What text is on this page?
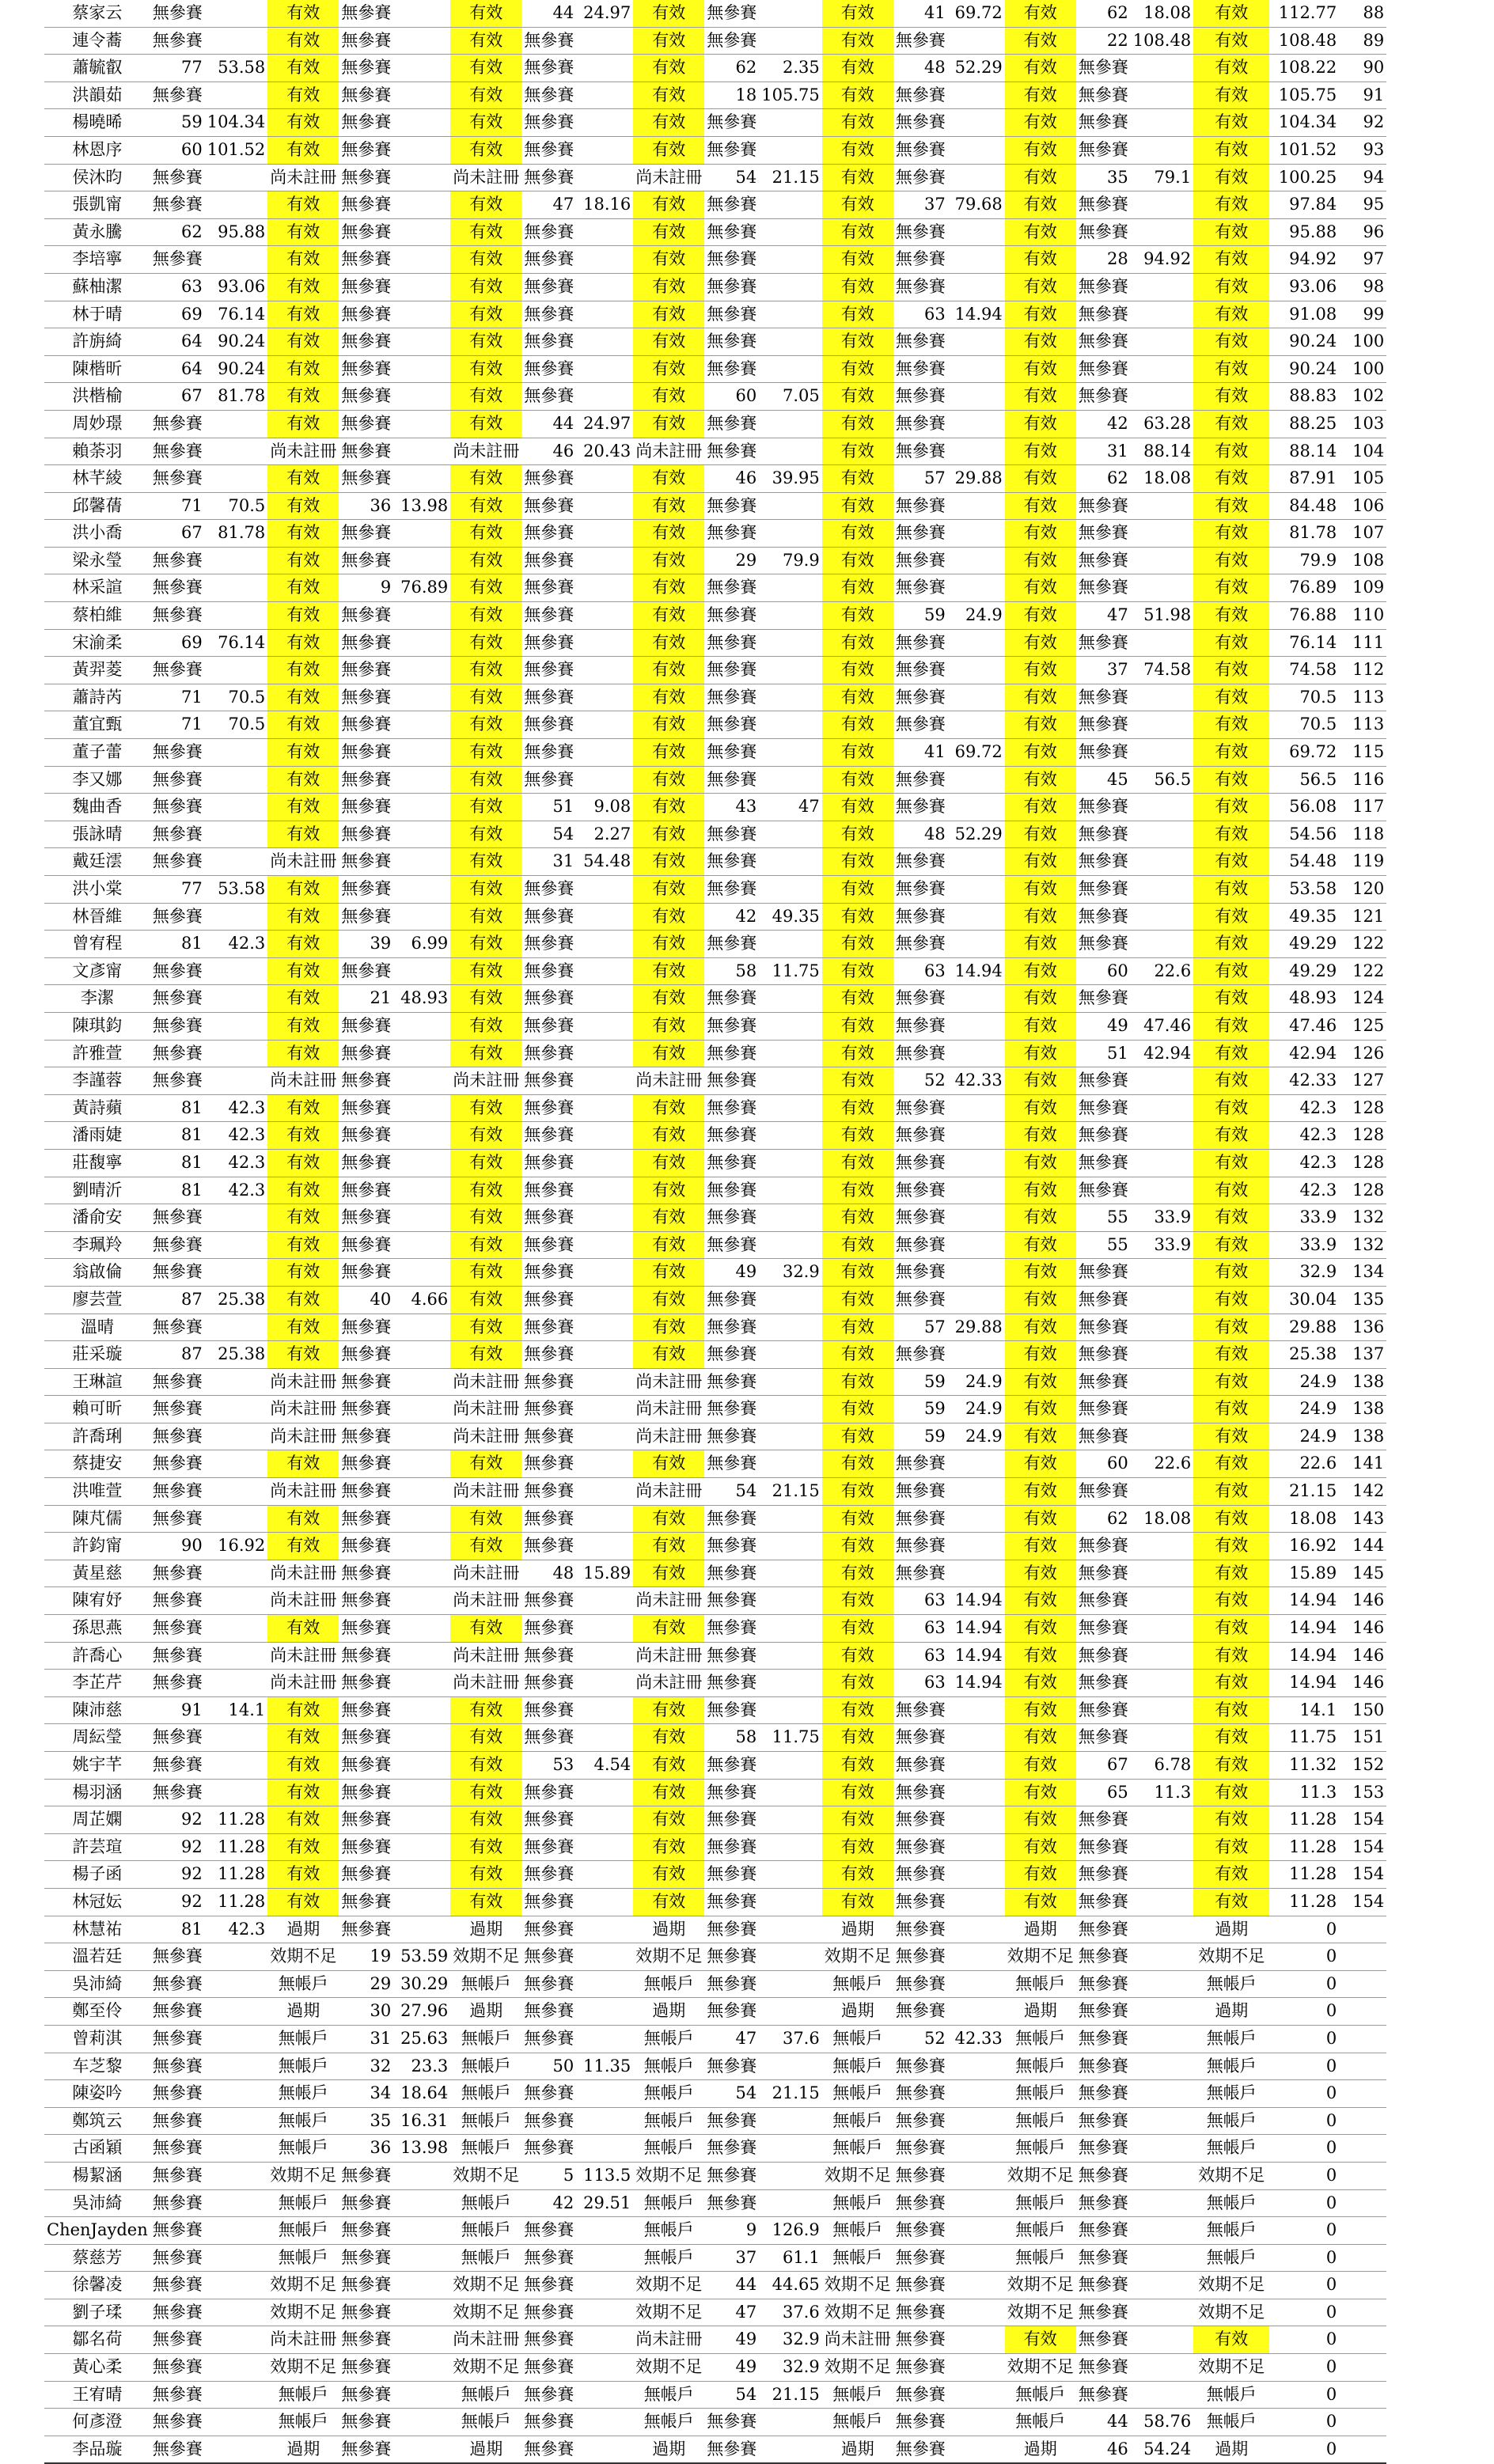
蔡家云	無參賽		有效	無參賽		有效	44	24.97	有效	無參賽		有效	41	69.72	有效	62	18.08	有效	112.77	88
連令蕎	無參賽		有效	無參賽		有效	無參賽		有效	無參賽		有效	無參賽		有效	22	108.48	有效	108.48	89
蕭毓叡	77	53.58	有效	無參賽		有效	無參賽		有效	62	2.35	有效	48	52.29	有效	無參賽		有效	108.22	90
洪韻茹	無參賽		有效	無參賽		有效	無參賽		有效	18	105.75	有效	無參賽		有效	無參賽		有效	105.75	91
楊曉晞	59	104.34	有效	無參賽		有效	無參賽		有效	無參賽		有效	無參賽		有效	無參賽		有效	104.34	92
林恩序	60	101.52	有效	無參賽		有效	無參賽		有效	無參賽		有效	無參賽		有效	無參賽		有效	101.52	93
侯沐昀	無參賽		尚未註冊	無參賽		尚未註冊	無參賽		尚未註冊	54	21.15	有效	無參賽		有效	35	79.1	有效	100.25	94
張凱甯	無參賽		有效	無參賽		有效	47	18.16	有效	無參賽		有效	37	79.68	有效	無參賽		有效	97.84	95
黃永騰	62	95.88	有效	無參賽		有效	無參賽		有效	無參賽		有效	無參賽		有效	無參賽		有效	95.88	96
李培寧	無參賽		有效	無參賽		有效	無參賽		有效	無參賽		有效	無參賽		有效	28	94.92	有效	94.92	97
蘇柚潔	63	93.06	有效	無參賽		有效	無參賽		有效	無參賽		有效	無參賽		有效	無參賽		有效	93.06	98
林于晴	69	76.14	有效	無參賽		有效	無參賽		有效	無參賽		有效	63	14.94	有效	無參賽		有效	91.08	99
許旃綺	64	90.24	有效	無參賽		有效	無參賽		有效	無參賽		有效	無參賽		有效	無參賽		有效	90.24	100
陳楷昕	64	90.24	有效	無參賽		有效	無參賽		有效	無參賽		有效	無參賽		有效	無參賽		有效	90.24	100
洪楷榆	67	81.78	有效	無參賽		有效	無參賽		有效	60	7.05	有效	無參賽		有效	無參賽		有效	88.83	102
周妙璟	無參賽		有效	無參賽		有效	44	24.97	有效	無參賽		有效	無參賽		有效	42	63.28	有效	88.25	103
賴荼羽	無參賽		尚未註冊	無參賽		尚未註冊	46	20.43	尚未註冊	無參賽		有效	無參賽		有效	31	88.14	有效	88.14	104
林芊綾	無參賽		有效	無參賽		有效	無參賽		有效	46	39.95	有效	57	29.88	有效	62	18.08	有效	87.91	105
邱馨蒨	71	70.5	有效	36	13.98	有效	無參賽		有效	無參賽		有效	無參賽		有效	無參賽		有效	84.48	106
洪小喬	67	81.78	有效	無參賽		有效	無參賽		有效	無參賽		有效	無參賽		有效	無參賽		有效	81.78	107
梁永瑩	無參賽		有效	無參賽		有效	無參賽		有效	29	79.9	有效	無參賽		有效	無參賽		有效	79.9	108
林采諠	無參賽		有效	9	76.89	有效	無參賽		有效	無參賽		有效	無參賽		有效	無參賽		有效	76.89	109
蔡柏維	無參賽		有效	無參賽		有效	無參賽		有效	無參賽		有效	59	24.9	有效	47	51.98	有效	76.88	110
宋渝柔	69	76.14	有效	無參賽		有效	無參賽		有效	無參賽		有效	無參賽		有效	無參賽		有效	76.14	111
黃羿菱	無參賽		有效	無參賽		有效	無參賽		有效	無參賽		有效	無參賽		有效	37	74.58	有效	74.58	112
蕭詩芮	71	70.5	有效	無參賽		有效	無參賽		有效	無參賽		有效	無參賽		有效	無參賽		有效	70.5	113
董宜甄	71	70.5	有效	無參賽		有效	無參賽		有效	無參賽		有效	無參賽		有效	無參賽		有效	70.5	113
董子蕾	無參賽		有效	無參賽		有效	無參賽		有效	無參賽		有效	41	69.72	有效	無參賽		有效	69.72	115
李又娜	無參賽		有效	無參賽		有效	無參賽		有效	無參賽		有效	無參賽		有效	45	56.5	有效	56.5	116
魏曲香	無參賽		有效	無參賽		有效	51	9.08	有效	43	47	有效	無參賽		有效	無參賽		有效	56.08	117
張詠晴	無參賽		有效	無參賽		有效	54	2.27	有效	無參賽		有效	48	52.29	有效	無參賽		有效	54.56	118
戴廷澐	無參賽		尚未註冊	無參賽		有效	31	54.48	有效	無參賽		有效	無參賽		有效	無參賽		有效	54.48	119
洪小棠	77	53.58	有效	無參賽		有效	無參賽		有效	無參賽		有效	無參賽		有效	無參賽		有效	53.58	120
林晉維	無參賽		有效	無參賽		有效	無參賽		有效	42	49.35	有效	無參賽		有效	無參賽		有效	49.35	121
曾宥程	81	42.3	有效	39	6.99	有效	無參賽		有效	無參賽		有效	無參賽		有效	無參賽		有效	49.29	122
文彥甯	無參賽		有效	無參賽		有效	無參賽		有效	58	11.75	有效	63	14.94	有效	60	22.6	有效	49.29	122
李潔	無參賽		有效	21	48.93	有效	無參賽		有效	無參賽		有效	無參賽		有效	無參賽		有效	48.93	124
陳琪鈞	無參賽		有效	無參賽		有效	無參賽		有效	無參賽		有效	無參賽		有效	49	47.46	有效	47.46	125
許雅萱	無參賽		有效	無參賽		有效	無參賽		有效	無參賽		有效	無參賽		有效	51	42.94	有效	42.94	126
李謹蓉	無參賽		尚未註冊	無參賽		尚未註冊	無參賽		尚未註冊	無參賽		有效	52	42.33	有效	無參賽		有效	42.33	127
黃詩蘋	81	42.3	有效	無參賽		有效	無參賽		有效	無參賽		有效	無參賽		有效	無參賽		有效	42.3	128
潘雨婕	81	42.3	有效	無參賽		有效	無參賽		有效	無參賽		有效	無參賽		有效	無參賽		有效	42.3	128
莊馥寧	81	42.3	有效	無參賽		有效	無參賽		有效	無參賽		有效	無參賽		有效	無參賽		有效	42.3	128
劉晴沂	81	42.3	有效	無參賽		有效	無參賽		有效	無參賽		有效	無參賽		有效	無參賽		有效	42.3	128
潘俞安	無參賽		有效	無參賽		有效	無參賽		有效	無參賽		有效	無參賽		有效	55	33.9	有效	33.9	132
李珮羚	無參賽		有效	無參賽		有效	無參賽		有效	無參賽		有效	無參賽		有效	55	33.9	有效	33.9	132
翁啟倫	無參賽		有效	無參賽		有效	無參賽		有效	49	32.9	有效	無參賽		有效	無參賽		有效	32.9	134
廖芸萱	87	25.38	有效	40	4.66	有效	無參賽		有效	無參賽		有效	無參賽		有效	無參賽		有效	30.04	135
溫晴	無參賽		有效	無參賽		有效	無參賽		有效	無參賽		有效	57	29.88	有效	無參賽		有效	29.88	136
莊采璇	87	25.38	有效	無參賽		有效	無參賽		有效	無參賽		有效	無參賽		有效	無參賽		有效	25.38	137
王琳諠	無參賽		尚未註冊	無參賽		尚未註冊	無參賽		尚未註冊	無參賽		有效	59	24.9	有效	無參賽		有效	24.9	138
賴可昕	無參賽		尚未註冊	無參賽		尚未註冊	無參賽		尚未註冊	無參賽		有效	59	24.9	有效	無參賽		有效	24.9	138
許喬琍	無參賽		尚未註冊	無參賽		尚未註冊	無參賽		尚未註冊	無參賽		有效	59	24.9	有效	無參賽		有效	24.9	138
蔡捷安	無參賽		有效	無參賽		有效	無參賽		有效	無參賽		有效	無參賽		有效	60	22.6	有效	22.6	141
洪唯萱	無參賽		尚未註冊	無參賽		尚未註冊	無參賽		尚未註冊	54	21.15	有效	無參賽		有效	無參賽		有效	21.15	142
陳芃儒	無參賽		有效	無參賽		有效	無參賽		有效	無參賽		有效	無參賽		有效	62	18.08	有效	18.08	143
許鈞甯	90	16.92	有效	無參賽		有效	無參賽		有效	無參賽		有效	無參賽		有效	無參賽		有效	16.92	144
黃星慈	無參賽		尚未註冊	無參賽		尚未註冊	48	15.89	有效	無參賽		有效	無參賽		有效	無參賽		有效	15.89	145
陳宥妤	無參賽		尚未註冊	無參賽		尚未註冊	無參賽		尚未註冊	無參賽		有效	63	14.94	有效	無參賽		有效	14.94	146
孫思燕	無參賽		有效	無參賽		有效	無參賽		有效	無參賽		有效	63	14.94	有效	無參賽		有效	14.94	146
許喬心	無參賽		尚未註冊	無參賽		尚未註冊	無參賽		尚未註冊	無參賽		有效	63	14.94	有效	無參賽		有效	14.94	146
李芷芹	無參賽		尚未註冊	無參賽		尚未註冊	無參賽		尚未註冊	無參賽		有效	63	14.94	有效	無參賽		有效	14.94	146
陳沛慈	91	14.1	有效	無參賽		有效	無參賽		有效	無參賽		有效	無參賽		有效	無參賽		有效	14.1	150
周紜瑩	無參賽		有效	無參賽		有效	無參賽		有效	58	11.75	有效	無參賽		有效	無參賽		有效	11.75	151
姚宇芊	無參賽		有效	無參賽		有效	53	4.54	有效	無參賽		有效	無參賽		有效	67	6.78	有效	11.32	152
楊羽涵	無參賽		有效	無參賽		有效	無參賽		有效	無參賽		有效	無參賽		有效	65	11.3	有效	11.3	153
周芷嫻	92	11.28	有效	無參賽		有效	無參賽		有效	無參賽		有效	無參賽		有效	無參賽		有效	11.28	154
許芸瑄	92	11.28	有效	無參賽		有效	無參賽		有效	無參賽		有效	無參賽		有效	無參賽		有效	11.28	154
楊子函	92	11.28	有效	無參賽		有效	無參賽		有效	無參賽		有效	無參賽		有效	無參賽		有效	11.28	154
林冠妘	92	11.28	有效	無參賽		有效	無參賽		有效	無參賽		有效	無參賽		有效	無參賽		有效	11.28	154
林慧祐	81	42.3	過期	無參賽		過期	無參賽		過期	無參賽		過期	無參賽		過期	無參賽		過期	0	
溫若廷	無參賽		效期不足	19	53.59	效期不足	無參賽		效期不足	無參賽		效期不足	無參賽		效期不足	無參賽		效期不足	0	
吳沛綺	無參賽		無帳戶	29	30.29	無帳戶	無參賽		無帳戶	無參賽		無帳戶	無參賽		無帳戶	無參賽		無帳戶	0	
鄭至伶	無參賽		過期	30	27.96	過期	無參賽		過期	無參賽		過期	無參賽		過期	無參賽		過期	0	
曾莉淇	無參賽		無帳戶	31	25.63	無帳戶	無參賽		無帳戶	47	37.6	無帳戶	52	42.33	無帳戶	無參賽		無帳戶	0	
车芝黎	無參賽		無帳戶	32	23.3	無帳戶	50	11.35	無帳戶	無參賽		無帳戶	無參賽		無帳戶	無參賽		無帳戶	0	
陳姿吟	無參賽		無帳戶	34	18.64	無帳戶	無參賽		無帳戶	54	21.15	無帳戶	無參賽		無帳戶	無參賽		無帳戶	0	
鄭筑云	無參賽		無帳戶	35	16.31	無帳戶	無參賽		無帳戶	無參賽		無帳戶	無參賽		無帳戶	無參賽		無帳戶	0	
古函穎	無參賽		無帳戶	36	13.98	無帳戶	無參賽		無帳戶	無參賽		無帳戶	無參賽		無帳戶	無參賽		無帳戶	0	
楊絜涵	無參賽		效期不足	無參賽		效期不足	5	113.5	效期不足	無參賽		效期不足	無參賽		效期不足	無參賽		效期不足	0	
吳沛綺	無參賽		無帳戶	無參賽		無帳戶	42	29.51	無帳戶	無參賽		無帳戶	無參賽		無帳戶	無參賽		無帳戶	0	
ChenJayden	無參賽		無帳戶	無參賽		無帳戶	無參賽		無帳戶	9	126.9	無帳戶	無參賽		無帳戶	無參賽		無帳戶	0	
蔡慈芳	無參賽		無帳戶	無參賽		無帳戶	無參賽		無帳戶	37	61.1	無帳戶	無參賽		無帳戶	無參賽		無帳戶	0	
徐馨凌	無參賽		效期不足	無參賽		效期不足	無參賽		效期不足	44	44.65	效期不足	無參賽		效期不足	無參賽		效期不足	0	
劉子瑈	無參賽		效期不足	無參賽		效期不足	無參賽		效期不足	47	37.6	效期不足	無參賽		效期不足	無參賽		效期不足	0	
鄒名荷	無參賽		尚未註冊	無參賽		尚未註冊	無參賽		尚未註冊	49	32.9	尚未註冊	無參賽		有效	無參賽		有效	0	
黃心柔	無參賽		效期不足	無參賽		效期不足	無參賽		效期不足	49	32.9	效期不足	無參賽		效期不足	無參賽		效期不足	0	
王宥晴	無參賽		無帳戶	無參賽		無帳戶	無參賽		無帳戶	54	21.15	無帳戶	無參賽		無帳戶	無參賽		無帳戶	0	
何彥澄	無參賽		無帳戶	無參賽		無帳戶	無參賽		無帳戶	無參賽		無帳戶	無參賽		無帳戶	44	58.76	無帳戶	0	
李品璇	無參賽		過期	無參賽		過期	無參賽		過期	無參賽		過期	無參賽		過期	46	54.24	過期	0	
